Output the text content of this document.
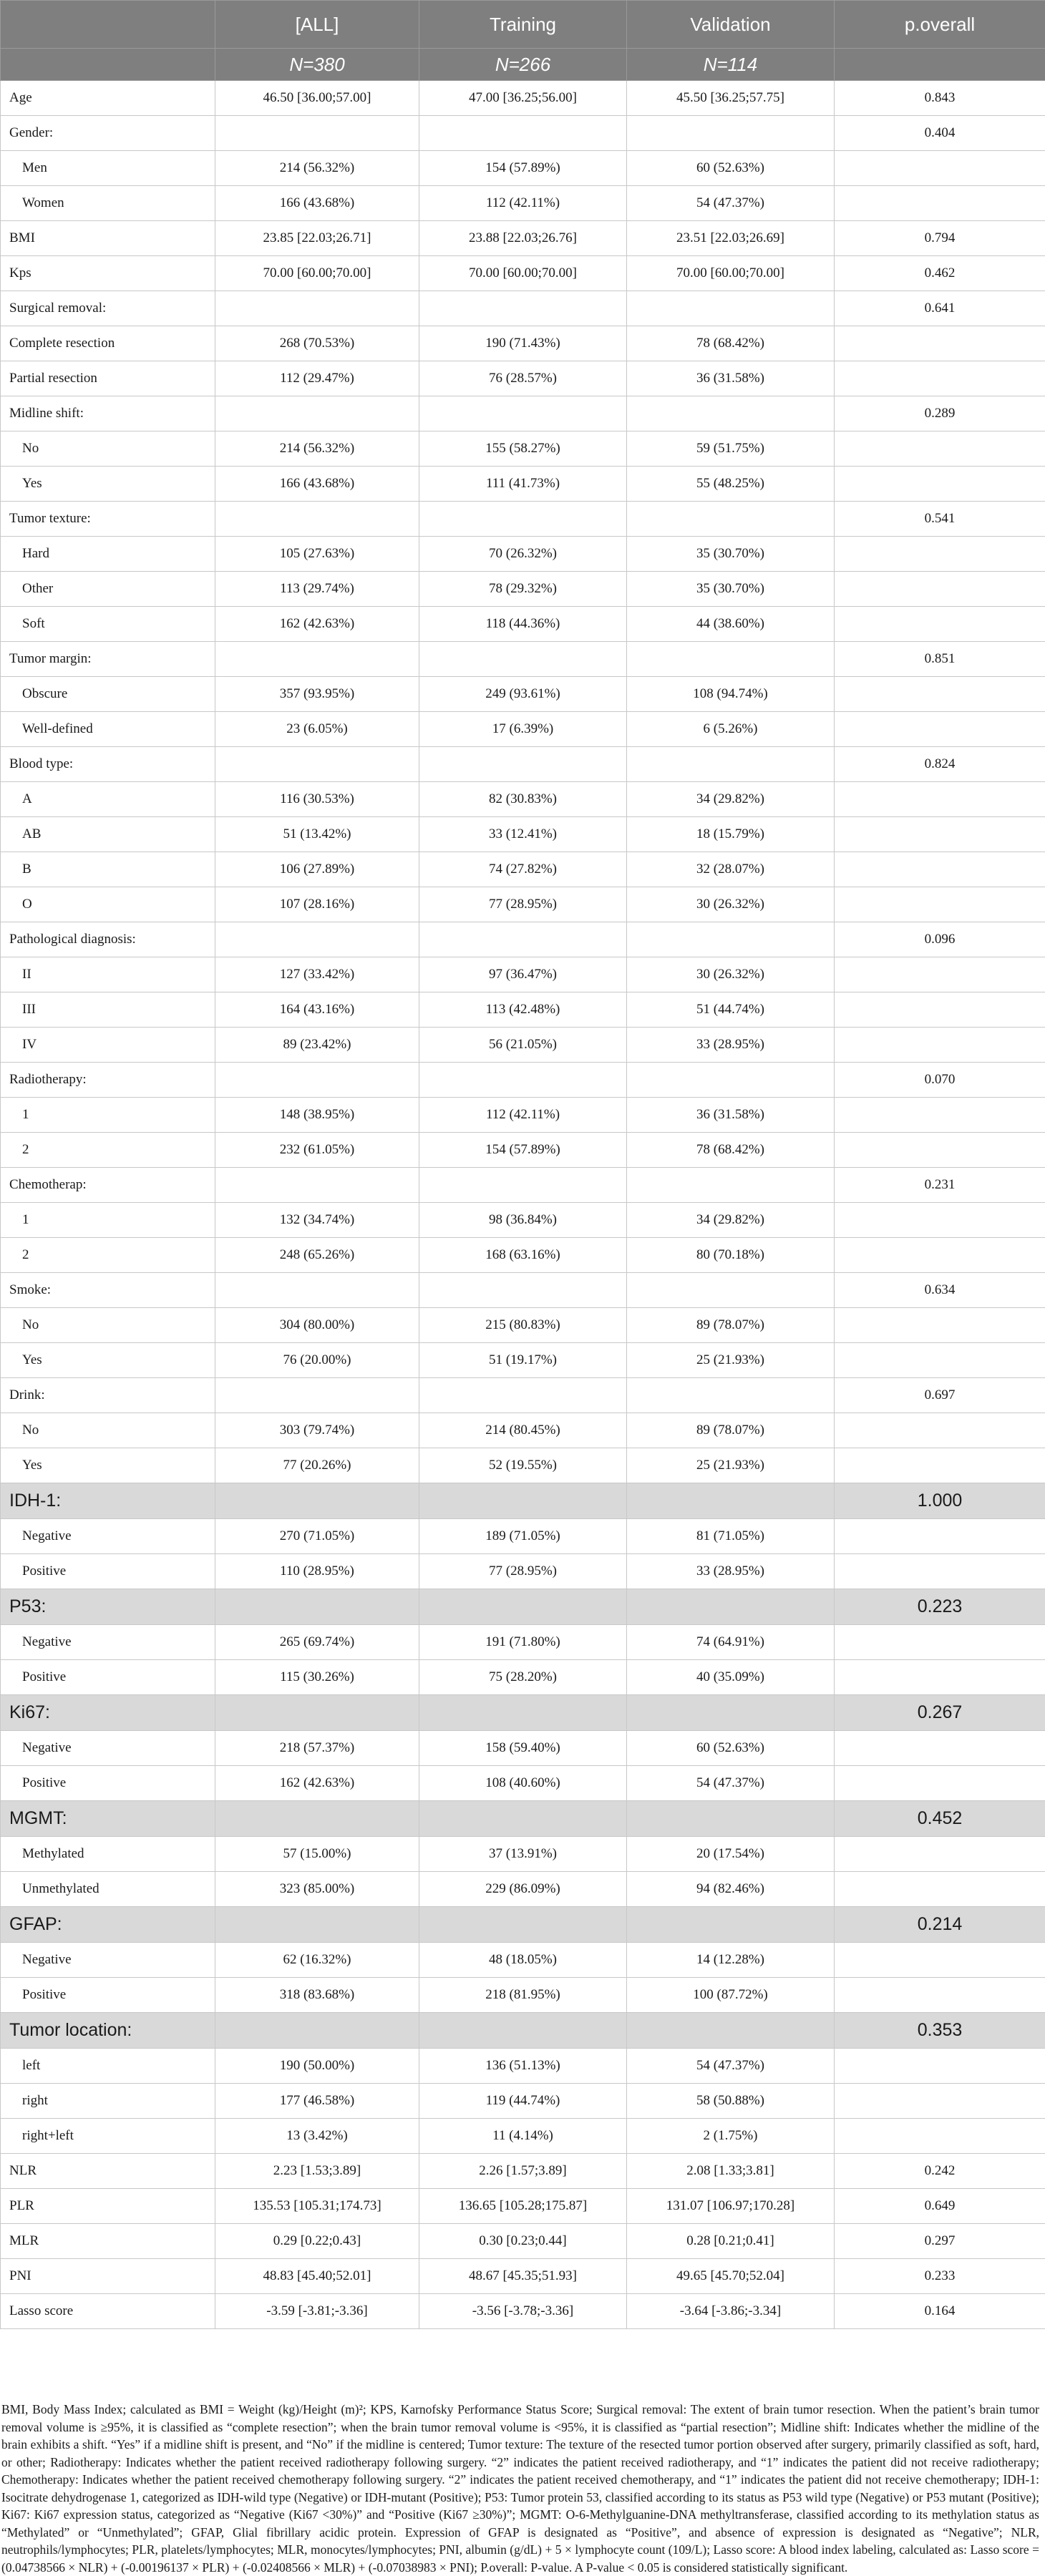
	[ALL]	Training	Validation	p.overall
	N=380	N=266	N=114	
Age	46.50 [36.00;57.00]	47.00 [36.25;56.00]	45.50 [36.25;57.75]	0.843
Gender:				0.404
Men	214 (56.32%)	154 (57.89%)	60 (52.63%)	
Women	166 (43.68%)	112 (42.11%)	54 (47.37%)	
BMI	23.85 [22.03;26.71]	23.88 [22.03;26.76]	23.51 [22.03;26.69]	0.794
Kps	70.00 [60.00;70.00]	70.00 [60.00;70.00]	70.00 [60.00;70.00]	0.462
Surgical removal:				0.641
Complete resection	268 (70.53%)	190 (71.43%)	78 (68.42%)	
Partial resection	112 (29.47%)	76 (28.57%)	36 (31.58%)	
Midline shift:				0.289
No	214 (56.32%)	155 (58.27%)	59 (51.75%)	
Yes	166 (43.68%)	111 (41.73%)	55 (48.25%)	
Tumor texture:				0.541
Hard	105 (27.63%)	70 (26.32%)	35 (30.70%)	
Other	113 (29.74%)	78 (29.32%)	35 (30.70%)	
Soft	162 (42.63%)	118 (44.36%)	44 (38.60%)	
Tumor margin:				0.851
Obscure	357 (93.95%)	249 (93.61%)	108 (94.74%)	
Well-defined	23 (6.05%)	17 (6.39%)	6 (5.26%)	
Blood type:				0.824
A	116 (30.53%)	82 (30.83%)	34 (29.82%)	
AB	51 (13.42%)	33 (12.41%)	18 (15.79%)	
B	106 (27.89%)	74 (27.82%)	32 (28.07%)	
O	107 (28.16%)	77 (28.95%)	30 (26.32%)	
Pathological diagnosis:				0.096
II	127 (33.42%)	97 (36.47%)	30 (26.32%)	
III	164 (43.16%)	113 (42.48%)	51 (44.74%)	
IV	89 (23.42%)	56 (21.05%)	33 (28.95%)	
Radiotherapy:				0.070
1	148 (38.95%)	112 (42.11%)	36 (31.58%)	
2	232 (61.05%)	154 (57.89%)	78 (68.42%)	
Chemotherap:				0.231
1	132 (34.74%)	98 (36.84%)	34 (29.82%)	
2	248 (65.26%)	168 (63.16%)	80 (70.18%)	
Smoke:				0.634
No	304 (80.00%)	215 (80.83%)	89 (78.07%)	
Yes	76 (20.00%)	51 (19.17%)	25 (21.93%)	
Drink:				0.697
No	303 (79.74%)	214 (80.45%)	89 (78.07%)	
Yes	77 (20.26%)	52 (19.55%)	25 (21.93%)	
IDH-1:				1.000
Negative	270 (71.05%)	189 (71.05%)	81 (71.05%)	
Positive	110 (28.95%)	77 (28.95%)	33 (28.95%)	
P53:				0.223
Negative	265 (69.74%)	191 (71.80%)	74 (64.91%)	
Positive	115 (30.26%)	75 (28.20%)	40 (35.09%)	
Ki67:				0.267
Negative	218 (57.37%)	158 (59.40%)	60 (52.63%)	
Positive	162 (42.63%)	108 (40.60%)	54 (47.37%)	
MGMT:				0.452
Methylated	57 (15.00%)	37 (13.91%)	20 (17.54%)	
Unmethylated	323 (85.00%)	229 (86.09%)	94 (82.46%)	
GFAP:				0.214
Negative	62 (16.32%)	48 (18.05%)	14 (12.28%)	
Positive	318 (83.68%)	218 (81.95%)	100 (87.72%)	
Tumor location:				0.353
left	190 (50.00%)	136 (51.13%)	54 (47.37%)	
right	177 (46.58%)	119 (44.74%)	58 (50.88%)	
right+left	13 (3.42%)	11 (4.14%)	2 (1.75%)	
NLR	2.23 [1.53;3.89]	2.26 [1.57;3.89]	2.08 [1.33;3.81]	0.242
PLR	135.53 [105.31;174.73]	136.65 [105.28;175.87]	131.07 [106.97;170.28]	0.649
MLR	0.29 [0.22;0.43]	0.30 [0.23;0.44]	0.28 [0.21;0.41]	0.297
PNI	48.83 [45.40;52.01]	48.67 [45.35;51.93]	49.65 [45.70;52.04]	0.233
Lasso score	-3.59 [-3.81;-3.36]	-3.56 [-3.78;-3.36]	-3.64 [-3.86;-3.34]	0.164
BMI, Body Mass Index; calculated as BMI = Weight (kg)/Height (m)²; KPS, Karnofsky Performance Status Score; Surgical removal: The extent of brain tumor resection. When the patient’s brain tumor removal volume is ≥95%, it is classified as “complete resection”; when the brain tumor removal volume is <95%, it is classified as “partial resection”; Midline shift: Indicates whether the midline of the brain exhibits a shift. “Yes” if a midline shift is present, and “No” if the midline is centered; Tumor texture: The texture of the resected tumor portion observed after surgery, primarily classified as soft, hard, or other; Radiotherapy: Indicates whether the patient received radiotherapy following surgery. “2” indicates the patient received radiotherapy, and “1” indicates the patient did not receive radiotherapy; Chemotherapy: Indicates whether the patient received chemotherapy following surgery. “2” indicates the patient received chemotherapy, and “1” indicates the patient did not receive chemotherapy; IDH-1: Isocitrate dehydrogenase 1, categorized as IDH-wild type (Negative) or IDH-mutant (Positive); P53: Tumor protein 53, classified according to its status as P53 wild type (Negative) or P53 mutant (Positive); Ki67: Ki67 expression status, categorized as “Negative (Ki67 <30%)” and “Positive (Ki67 ≥30%)”; MGMT: O-6-Methylguanine-DNA methyltransferase, classified according to its methylation status as “Methylated” or “Unmethylated”; GFAP, Glial fibrillary acidic protein. Expression of GFAP is designated as “Positive”, and absence of expression is designated as “Negative”; NLR, neutrophils/lymphocytes; PLR, platelets/lymphocytes; MLR, monocytes/lymphocytes; PNI, albumin (g/dL) + 5 × lymphocyte count (109/L); Lasso score: A blood index labeling, calculated as: Lasso score = (0.04738566 × NLR) + (-0.00196137 × PLR) + (-0.02408566 × MLR) + (-0.07038983 × PNI); P.overall: P-value. A P-value < 0.05 is considered statistically significant.
